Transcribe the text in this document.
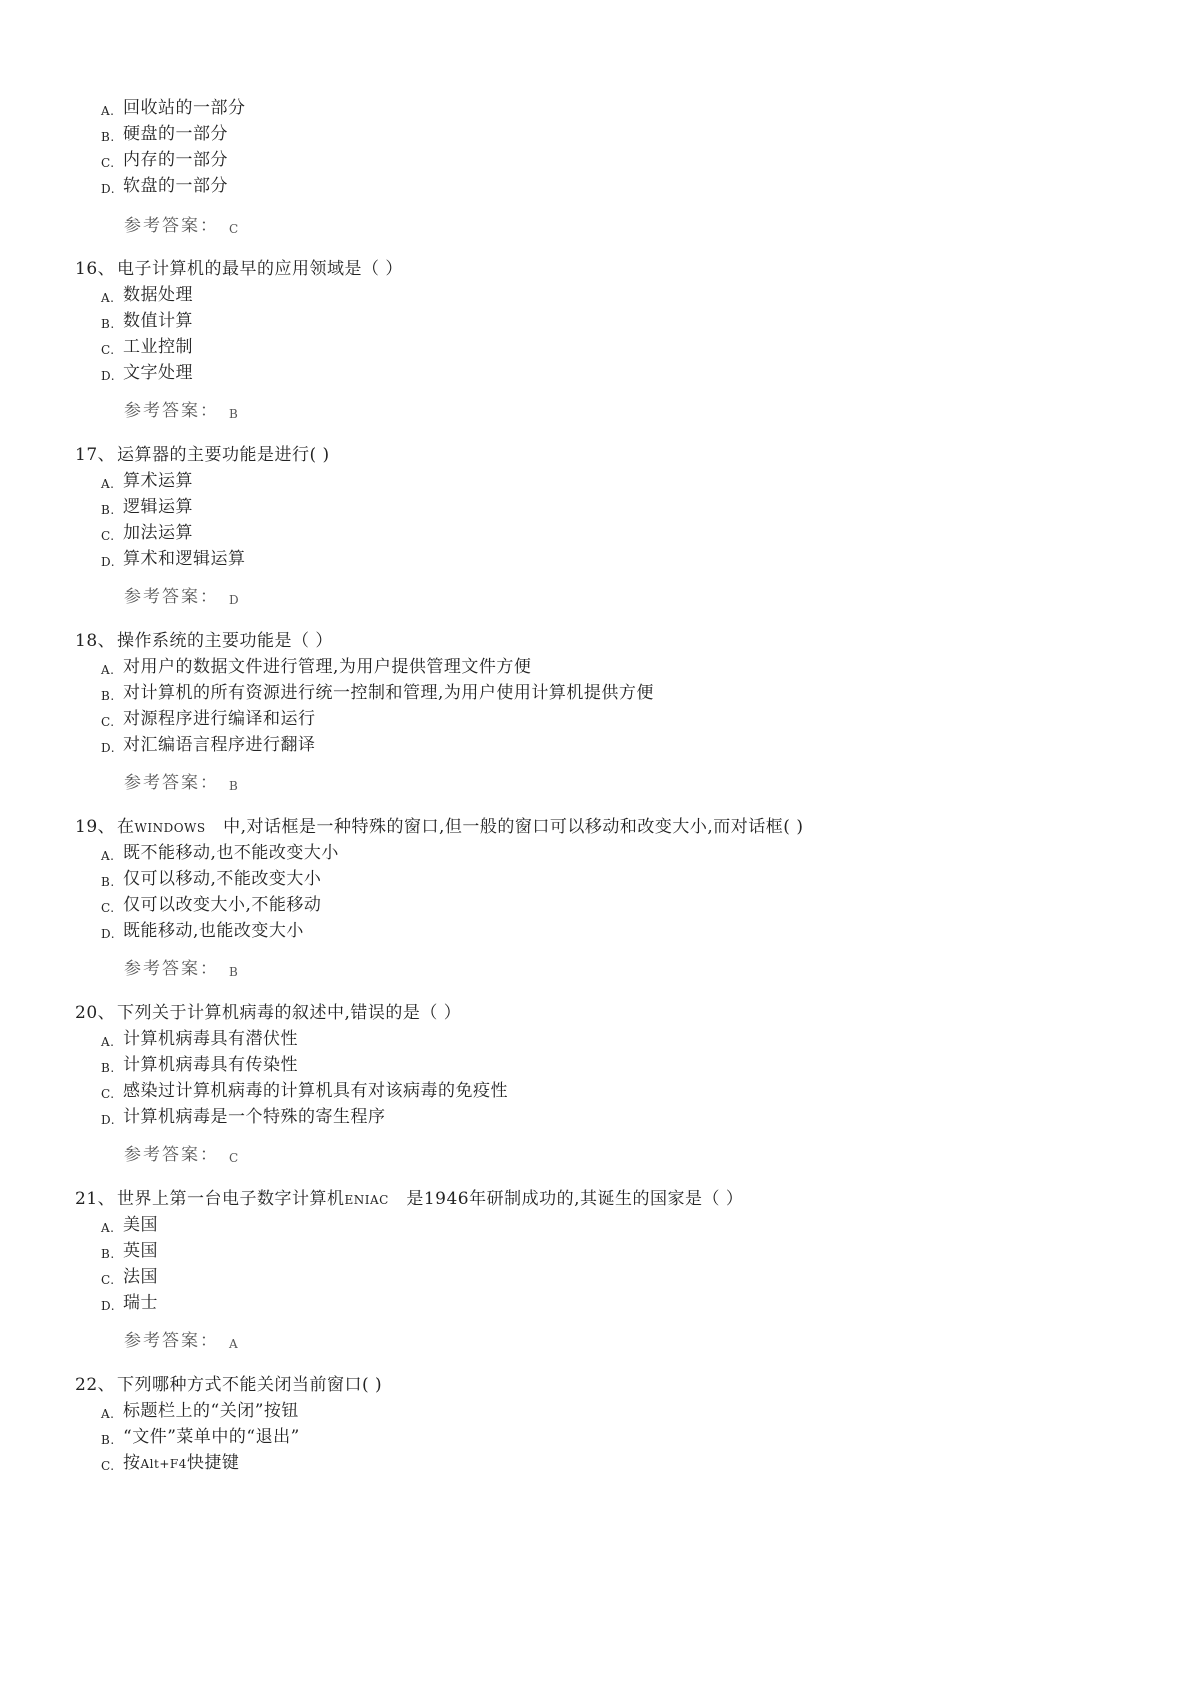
A. 回收站的一部分
B. 硬盘的一部分
C. 内存的一部分
D. 软盘的一部分
参考答案： C
16、 电子计算机的最早的应用领域是（ ）
A. 数据处理
B. 数值计算
C. 工业控制
D. 文字处理
参考答案： B
17、 运算器的主要功能是进行( )
A. 算术运算
B. 逻辑运算
C. 加法运算
D. 算术和逻辑运算
参考答案： D
18、 操作系统的主要功能是（ ）
A. 对用户的数据文件进行管理,为用户提供管理文件方便
B. 对计算机的所有资源进行统一控制和管理,为用户使用计算机提供方便
C. 对源程序进行编译和运行
D. 对汇编语言程序进行翻译
参考答案： B
19、 在WINDOWS　中,对话框是一种特殊的窗口,但一般的窗口可以移动和改变大小,而对话框( )
A. 既不能移动,也不能改变大小
B. 仅可以移动,不能改变大小
C. 仅可以改变大小,不能移动
D. 既能移动,也能改变大小
参考答案： B
20、 下列关于计算机病毒的叙述中,错误的是（ ）
A. 计算机病毒具有潜伏性
B. 计算机病毒具有传染性
C. 感染过计算机病毒的计算机具有对该病毒的免疫性
D. 计算机病毒是一个特殊的寄生程序
参考答案： C
21、 世界上第一台电子数字计算机ENIAC　是1946年研制成功的,其诞生的国家是（ ）
A. 美国
B. 英国
C. 法国
D. 瑞士
参考答案： A
22、 下列哪种方式不能关闭当前窗口( )
A. 标题栏上的“关闭”按钮
B. “文件”菜单中的“退出”
C. 按Alt+F4快捷键
